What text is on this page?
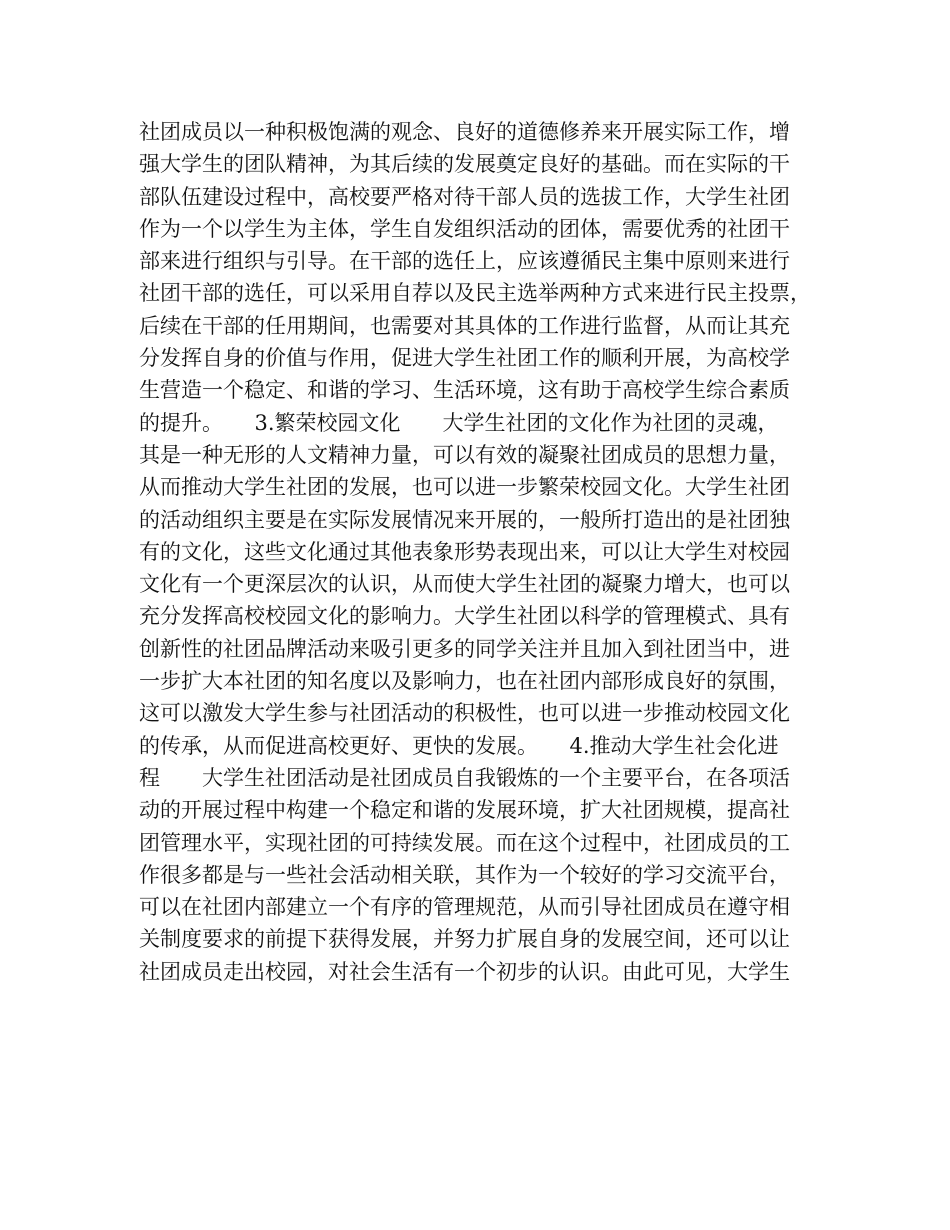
社团成员以一种积极饱满的观念、良好的道德修养来开展实际工作，增
强大学生的团队精神，为其后续的发展奠定良好的基础。而在实际的干
部队伍建设过程中，高校要严格对待干部人员的选拔工作，大学生社团
作为一个以学生为主体，学生自发组织活动的团体，需要优秀的社团干
部来进行组织与引导。在干部的选任上，应该遵循民主集中原则来进行
社团干部的选任，可以采用自荐以及民主选举两种方式来进行民主投票，
后续在干部的任用期间，也需要对其具体的工作进行监督，从而让其充
分发挥自身的价值与作用，促进大学生社团工作的顺利开展，为高校学
生营造一个稳定、和谐的学习、生活环境，这有助于高校学生综合素质
的提升。　　3.繁荣校园文化　　大学生社团的文化作为社团的灵魂，
其是一种无形的人文精神力量，可以有效的凝聚社团成员的思想力量，
从而推动大学生社团的发展，也可以进一步繁荣校园文化。大学生社团
的活动组织主要是在实际发展情况来开展的，一般所打造出的是社团独
有的文化，这些文化通过其他表象形势表现出来，可以让大学生对校园
文化有一个更深层次的认识，从而使大学生社团的凝聚力增大，也可以
充分发挥高校校园文化的影响力。大学生社团以科学的管理模式、具有
创新性的社团品牌活动来吸引更多的同学关注并且加入到社团当中，进
一步扩大本社团的知名度以及影响力，也在社团内部形成良好的氛围，
这可以激发大学生参与社团活动的积极性，也可以进一步推动校园文化
的传承，从而促进高校更好、更快的发展。　　4.推动大学生社会化进
程　　大学生社团活动是社团成员自我锻炼的一个主要平台，在各项活
动的开展过程中构建一个稳定和谐的发展环境，扩大社团规模，提高社
团管理水平，实现社团的可持续发展。而在这个过程中，社团成员的工
作很多都是与一些社会活动相关联，其作为一个较好的学习交流平台，
可以在社团内部建立一个有序的管理规范，从而引导社团成员在遵守相
关制度要求的前提下获得发展，并努力扩展自身的发展空间，还可以让
社团成员走出校园，对社会生活有一个初步的认识。由此可见，大学生
